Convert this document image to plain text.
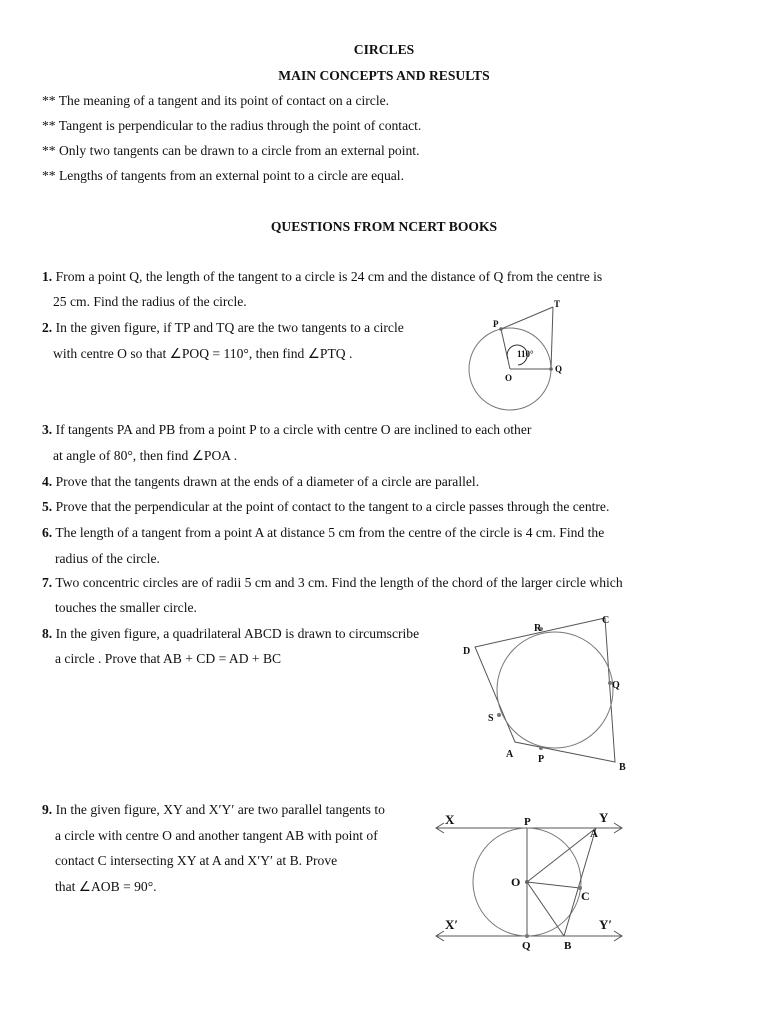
CIRCLES
MAIN CONCEPTS AND RESULTS
** The meaning of a tangent and its point of contact on a circle.
** Tangent is perpendicular to the radius through the point of contact.
** Only two tangents can be drawn to a circle from an external point.
** Lengths of tangents from an external point to a circle are equal.
QUESTIONS FROM NCERT BOOKS
1. From a point Q, the length of the tangent to a circle is 24 cm and the distance of Q from the centre is
25 cm. Find the radius of the circle.
2. In the given figure, if TP and TQ are the two tangents to a circle
with centre O so that ∠POQ = 110°, then find ∠PTQ .
3. If tangents PA and PB from a point P to a circle with centre O are inclined to each other
at angle of 80°, then find ∠POA .
4. Prove that the tangents drawn at the ends of a diameter of a circle are parallel.
5. Prove that the perpendicular at the point of contact to the tangent to a circle passes through the centre.
6. The length of a tangent from a point A at distance 5 cm from the centre of the circle is 4 cm. Find the
radius of the circle.
7. Two concentric circles are of radii 5 cm and 3 cm. Find the length of the chord of the larger circle which
touches the smaller circle.
8. In the given figure, a quadrilateral ABCD is drawn to circumscribe
a circle . Prove that AB + CD = AD + BC
9. In the given figure, XY and X′Y′ are two parallel tangents to
a circle with centre O and another tangent AB with point of
contact C intersecting XY at A and X′Y′ at B. Prove
that ∠AOB = 90°.
T
P
O
Q
110°
R
C
D
Q
S
A P
B
X	P	Y
A
O
C
X′	Y′
Q	B
